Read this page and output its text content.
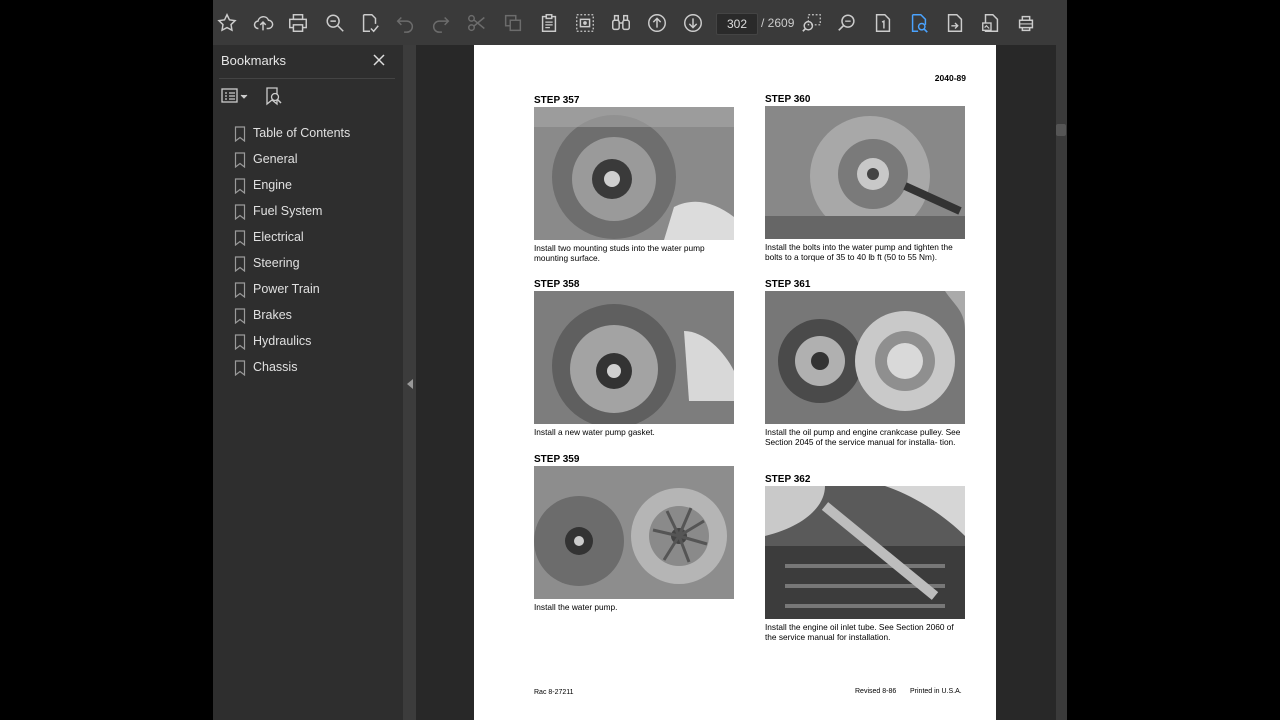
302	/ 2609
Bookmarks
Table of Contents
General
Engine
Fuel System
Electrical
Steering
Power Train
Brakes
Hydraulics
Chassis
2040-89
STEP 357
Install two mounting studs into the water pump mounting surface.
STEP 358
Install a new water pump gasket.
STEP 359
Install the water pump.
STEP 360
Install the bolts into the water pump and tighten the bolts to a torque of 35 to 40 lb ft (50 to 55 Nm).
STEP 361
Install the oil pump and engine crankcase pulley. See Section 2045 of the service manual for installa- tion.
STEP 362
Install the engine oil inlet tube. See Section 2060 of the service manual for installation.
Rac 8-27211	Revised 8-86 Printed in U.S.A.
